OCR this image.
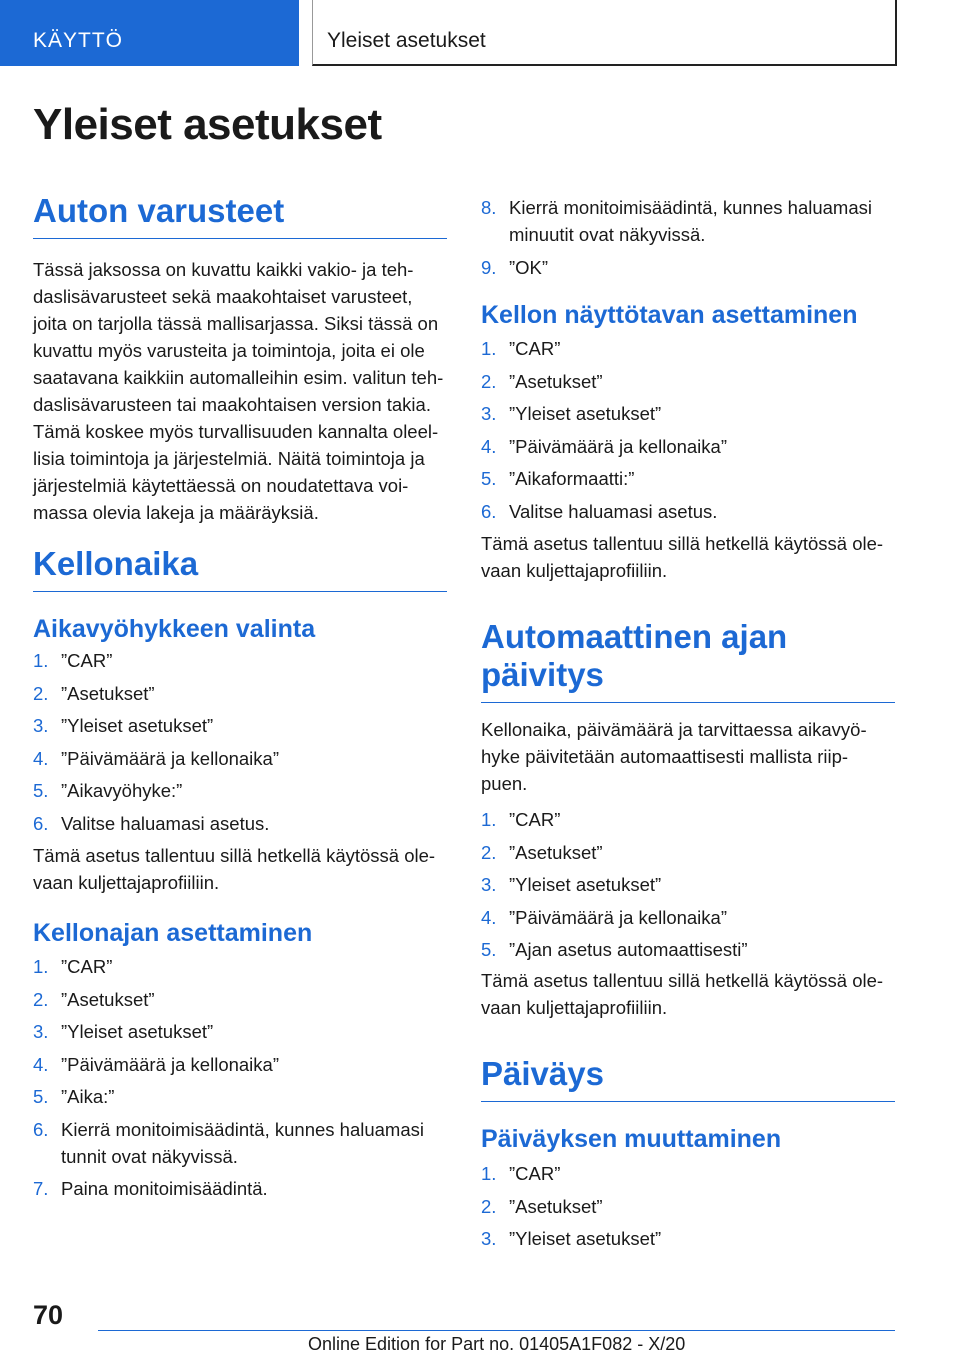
KÄYTTÖ	Yleiset asetukset
Yleiset asetukset
Auton varusteet

Tässä jaksossa on kuvattu kaikki vakio- ja teh-
daslisävarusteet sekä maakohtaiset varusteet,
joita on tarjolla tässä mallisarjassa. Siksi tässä on
kuvattu myös varusteita ja toimintoja, joita ei ole
saatavana kaikkiin automalleihin esim. valitun teh-
daslisävarusteen tai maakohtaisen version takia.
Tämä koskee myös turvallisuuden kannalta oleel-
lisia toimintoja ja järjestelmiä. Näitä toimintoja ja
järjestelmiä käytettäessä on noudatettava voi-
massa olevia lakeja ja määräyksiä.

Kellonaika
Aikavyöhykkeen valinta
1. ”CAR”
2. ”Asetukset”
3. ”Yleiset asetukset”
4. ”Päivämäärä ja kellonaika”
5. ”Aikavyöhyke:”
6. Valitse haluamasi asetus.

Tämä asetus tallentuu sillä hetkellä käytössä ole-
vaan kuljettajaprofiiliin.

Kellonajan asettaminen
1. ”CAR”
2. ”Asetukset”
3. ”Yleiset asetukset”
4. ”Päivämäärä ja kellonaika”
5. ”Aika:”
6. Kierrä monitoimisäädintä, kunnes haluamasi
tunnit ovat näkyvissä.
7. Paina monitoimisäädintä.
8. Kierrä monitoimisäädintä, kunnes haluamasi
minuutit ovat näkyvissä.
9. ”OK”
Kellon näyttötavan asettaminen
1. ”CAR”
2. ”Asetukset”
3. ”Yleiset asetukset”
4. ”Päivämäärä ja kellonaika”
5. ”Aikaformaatti:”
6. Valitse haluamasi asetus.

Tämä asetus tallentuu sillä hetkellä käytössä ole-
vaan kuljettajaprofiiliin.

Automaattinen ajan
päivitys

Kellonaika, päivämäärä ja tarvittaessa aikavyö-
hyke päivitetään automaattisesti mallista riip-
puen.

1. ”CAR”
2. ”Asetukset”
3. ”Yleiset asetukset”
4. ”Päivämäärä ja kellonaika”
5. ”Ajan asetus automaattisesti”

Tämä asetus tallentuu sillä hetkellä käytössä ole-
vaan kuljettajaprofiiliin.

Päiväys
Päiväyksen muuttaminen
1. ”CAR”
2. ”Asetukset”
3. ”Yleiset asetukset”
70
Online Edition for Part no. 01405A1F082 - X/20
